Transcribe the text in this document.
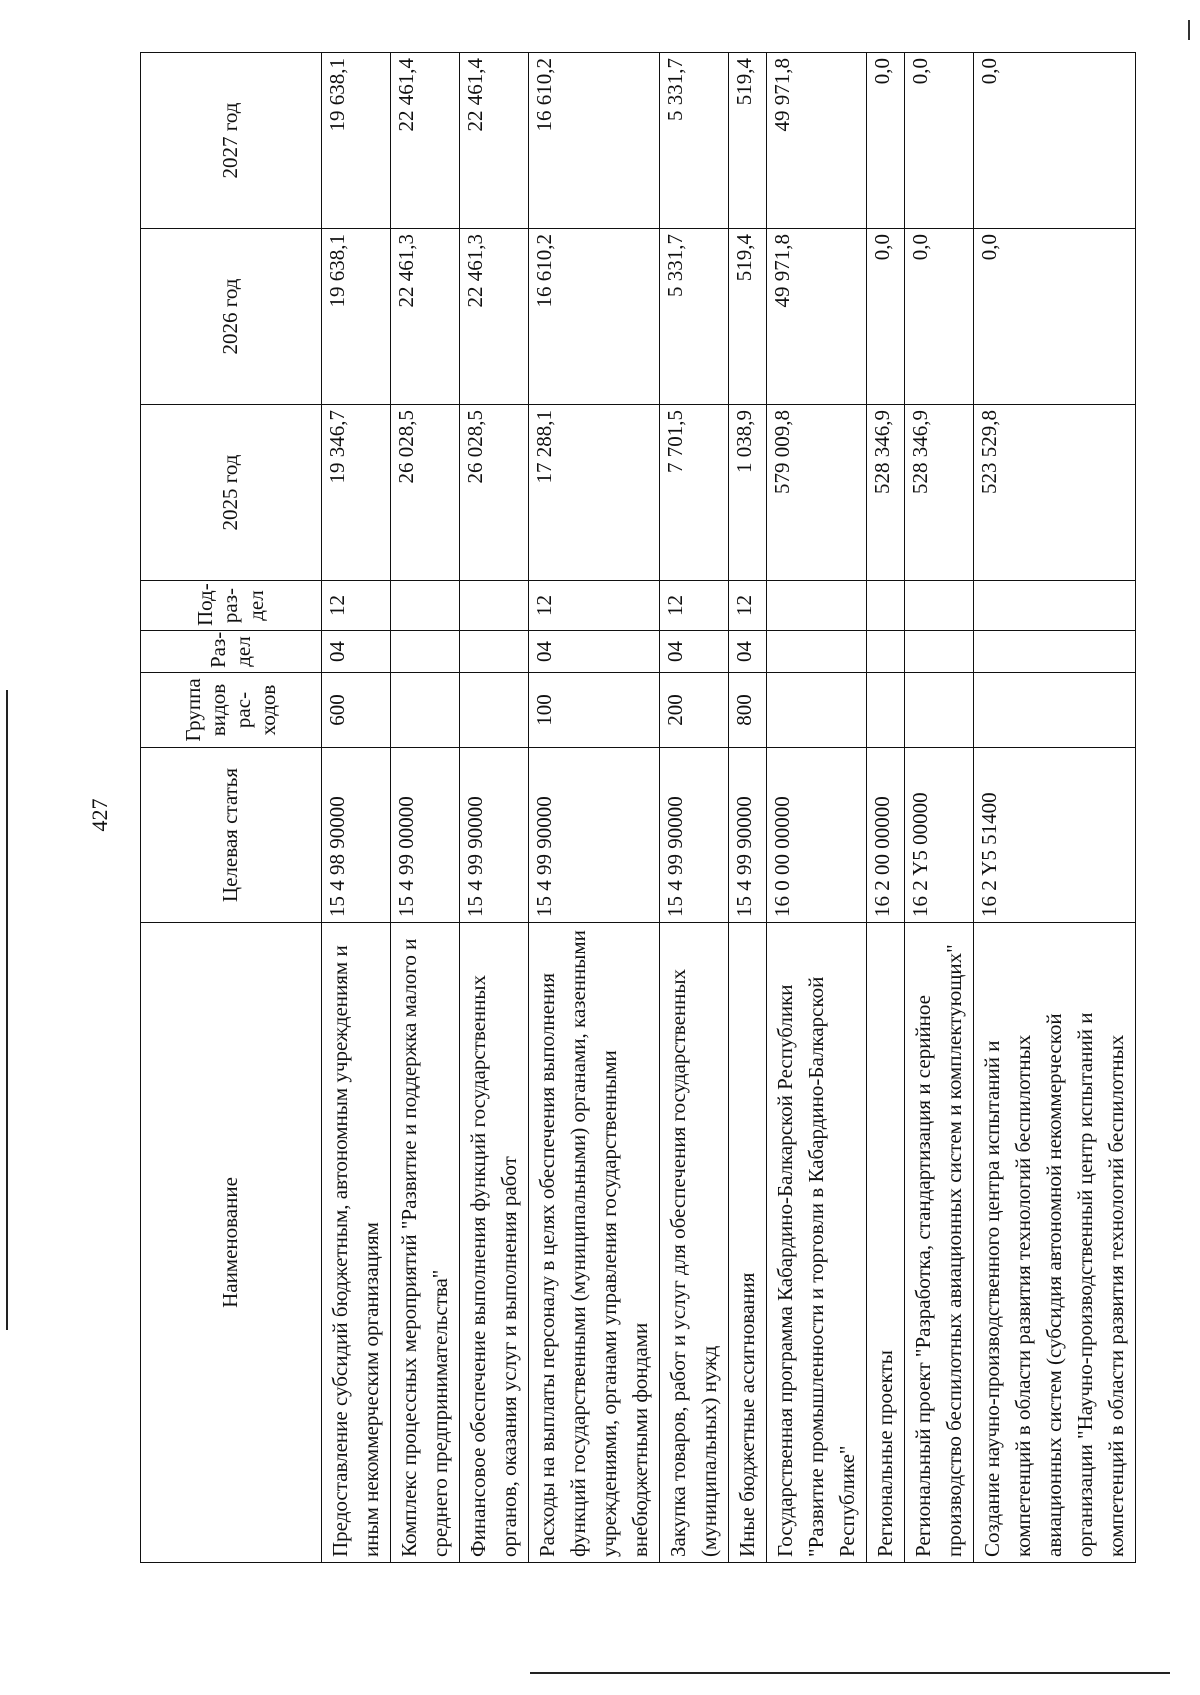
427
Наименование	Целевая статья	Группа видов рас-ходов	Раз-дел	Под-раз-дел	2025 год	2026 год	2027 год
Предоставление субсидий бюджетным, автономным учреждениям и иным некоммерческим организациям	15 4 98 90000	600	04	12	19 346,7	19 638,1	19 638,1
Комплекс процессных мероприятий "Развитие и поддержка малого и среднего предпринимательства"	15 4 99 00000				26 028,5	22 461,3	22 461,4
Финансовое обеспечение выполнения функций государственных органов, оказания услуг и выполнения работ	15 4 99 90000				26 028,5	22 461,3	22 461,4
Расходы на выплаты персоналу в целях обеспечения выполнения функций государственными (муниципальными) органами, казенными учреждениями, органами управления государственными внебюджетными фондами	15 4 99 90000	100	04	12	17 288,1	16 610,2	16 610,2
Закупка товаров, работ и услуг для обеспечения государственных (муниципальных) нужд	15 4 99 90000	200	04	12	7 701,5	5 331,7	5 331,7
Иные бюджетные ассигнования	15 4 99 90000	800	04	12	1 038,9	519,4	519,4
Государственная программа Кабардино-Балкарской Республики "Развитие промышленности и торговли в Кабардино-Балкарской Республике"	16 0 00 00000				579 009,8	49 971,8	49 971,8
Региональные проекты	16 2 00 00000				528 346,9	0,0	0,0
Региональный проект "Разработка, стандартизация и серийное производство беспилотных авиационных систем и комплектующих"	16 2 Y5 00000				528 346,9	0,0	0,0
Создание научно-производственного центра испытаний и компетенций в области развития технологий беспилотных авиационных систем (субсидия автономной некоммерческой организации "Научно-производственный центр испытаний и компетенций в области развития технологий беспилотных	16 2 Y5 51400				523 529,8	0,0	0,0
